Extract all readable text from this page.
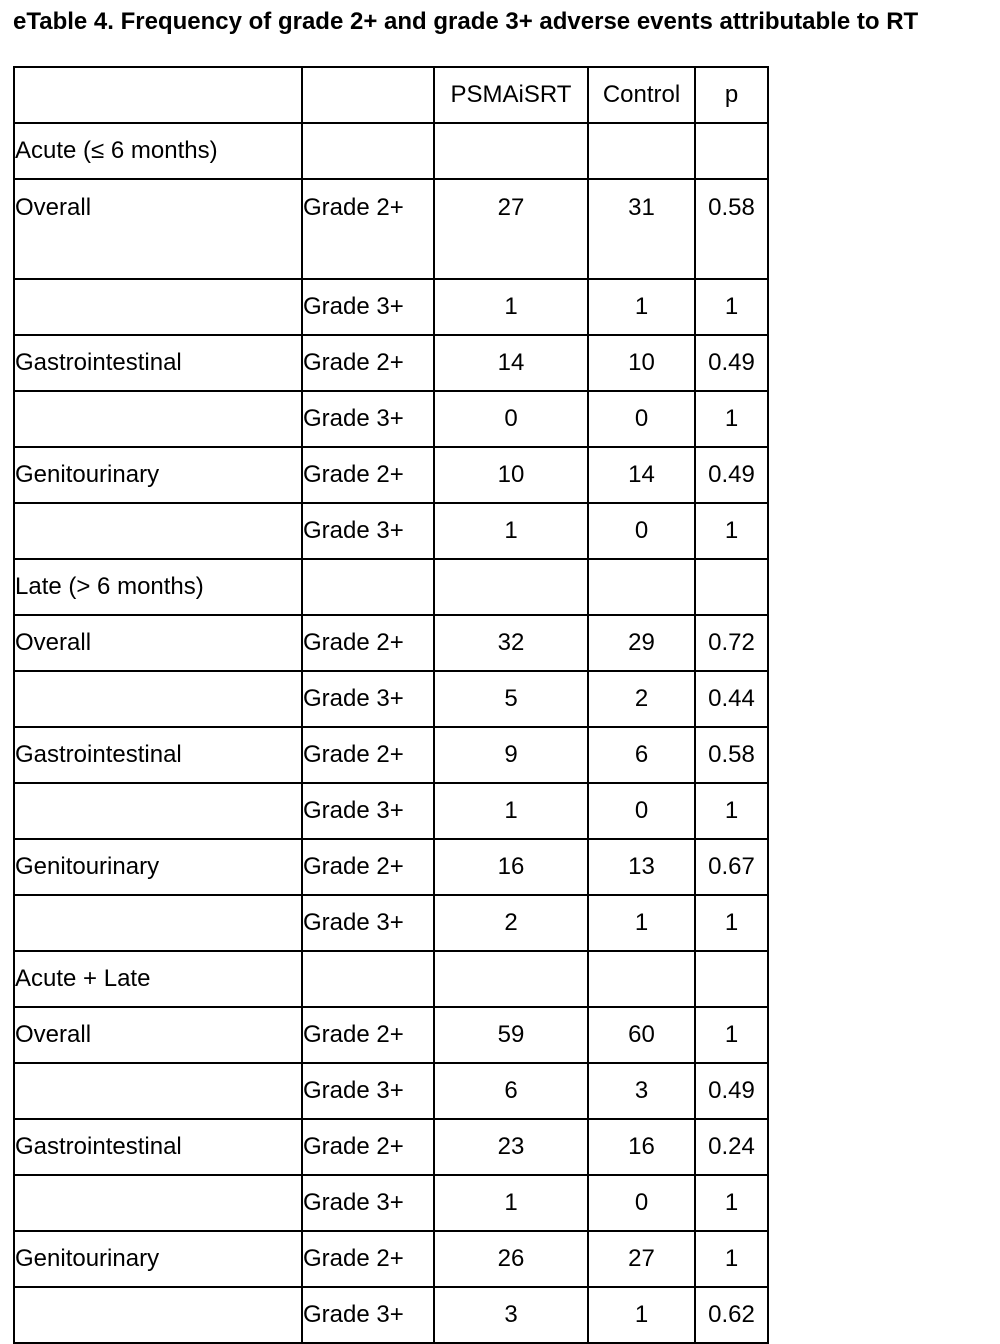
eTable 4. Frequency of grade 2+ and grade 3+ adverse events attributable to RT
		PSMAiSRT	Control	p
Acute (≤ 6 months)				
Overall	Grade 2+	27	31	0.58
	Grade 3+	1	1	1
Gastrointestinal	Grade 2+	14	10	0.49
	Grade 3+	0	0	1
Genitourinary	Grade 2+	10	14	0.49
	Grade 3+	1	0	1
Late (> 6 months)				
Overall	Grade 2+	32	29	0.72
	Grade 3+	5	2	0.44
Gastrointestinal	Grade 2+	9	6	0.58
	Grade 3+	1	0	1
Genitourinary	Grade 2+	16	13	0.67
	Grade 3+	2	1	1
Acute + Late				
Overall	Grade 2+	59	60	1
	Grade 3+	6	3	0.49
Gastrointestinal	Grade 2+	23	16	0.24
	Grade 3+	1	0	1
Genitourinary	Grade 2+	26	27	1
	Grade 3+	3	1	0.62
